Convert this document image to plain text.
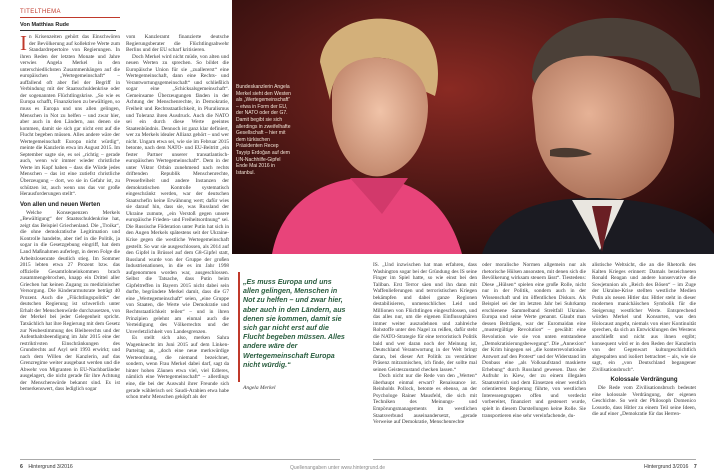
Bundeskanzlerin Angela Merkel sieht den Westen als „Wertegemeinschaft“ – etwa in Form der EU, der NATO oder der G7. Damit begibt sie sich allerdings in zweifelhafte Gesellschaft – hier mit dem türkischen Präsidenten Recep Tayyip Erdoğan auf dem UN-Nachhilfe-Gipfel Ende Mai 2016 in Istanbul.
TITELTHEMA
Von Matthias Rude

In Krisenzeiten gehört das Einschwören der Bevölkerung auf kollektive Werte zum Standardrepertoire von Regierungen. In ihren Reden der letzten Monate und Jahre verwies Angela Merkel in den unterschiedlichsten Zusammenhängen auf die europäischen „Wertegemeinschaft“ – auffallend oft aber fiel der Begriff in Verbindung mit der Staatsschuldenkrise oder der sogenannten Flüchtlingskrise. „So wie es Europa schafft, Finanzkrisen zu bewältigen, so muss es Europa und uns allen gelingen, Menschen in Not zu helfen – und zwar hier, aber auch in den Ländern, aus denen sie kommen, damit sie sich gar nicht erst auf die Flucht begeben müssen. Alles andere wäre der Wertegemeinschaft Europa nicht würdig“, meinte die Kanzlerin etwa im August 2015. Im September sagte sie, es sei „richtig – gerade auch, wenn wir immer wieder christliche Werte im Kopf haben – dass die Würde jedes Menschen – das ist eine zutiefst christliche Überzeugung – dort, wo sie in Gefahr ist, zu schützen ist, auch wenn uns das vor große Herausforderungen stellt“.

Von allen und neuen Werten

Welche Konsequenzen Merkels „Bewältigung“ der Staatsschuldenkrise hat, zeigt das Beispiel Griechenland. Die „Troika“, die ohne demokratische Legitimation und Kontrolle handelte, aber tief in die Politik, ja sogar in die Gesetzgebung eingriff, hat dem Land Maßnahmen auferlegt, in deren Folge die Arbeitslosenrate deutlich stieg. Im Sommer 2015 lebten etwa 27 Prozent bzw. das offizielle Gesamtlohneinkommen brach zusammengebrochen, knapp ein Drittel aller Griechen hat keinen Zugang zu medizinischer Versorgung. Die Kinderarmutsrate beträgt 40 Prozent. Auch die „Flüchtlingspolitik“ der deutschen Regierung ist schwerlich unter Erhalt der Menschenwürde durchzusetzen, von der Merkel bei jeder Gelegenheit spricht. Tatsächlich hat ihre Regierung mit dem Gesetz zur Neubestimmung des Bleiberechts und der Aufenthaltsbeendigung im Jahr 2015 eine der restriktivsten Einschränkungen des Grundrechts auf Asyl seit 1993 erwirkt; und nach dem Willen der Kanzlerin, auf das Grenzregime weiter ausgebaut werden und die Abwehr von Migranten in EU-Nachbarländer ausgelagert, die nicht gerade für ihre Achtung der Menschenwürde bekannt sind. Es ist bemerkenswert, dass lediglich sogar

vom Kanzleramt finanzierte deutsche Regierungsberater die Flüchtlingsabwehr Berlins und der EU scharf kritisieren.

Doch Merkel wird nicht müde, von alten und neuen Werten zu sprechen. So bildet die Europäische Union für sie „zuallererst“ eine Wertegemeinschaft, dann eine Rechts- und Verantwortungsgemeinschaft“ und schließlich sogar eine „Schicksalsgemeinschaft“. Gemeinsame Überzeugungen fänden in der Achtung der Menschenrechte, in Demokratie, Freiheit und Rechtsstaatlichkeit, in Pluralismus und Toleranz ihren Ausdruck. Auch die NATO sei ein durch diese Werte geeintes Staatenbündnis. Dennoch ist ganz klar definiert, wer zu Merkels idealer Allianz gehört – und wer nicht. Ungarn etwa sei, wie sie im Februar 2015 betonte, nach dem NATO- und EU-Beitritt „ein fester Partner unserer transatlantisch-europäischen Wertegemeinschaft“. Dem in der unter Viktor Orbán zunehmend nach rechts driftenden Republik Menschenrechte, Pressefreiheit und andere Instanzen der demokratischen Kontrolle systematisch eingeschränkt werden, war der deutschen Staatschefin keine Erwähnung wert; dafür wies sie darauf hin, dass sie, was Russland der Ukraine zumute, „ein Verstoß gegen unsere europäische Frieden- und Freiheitsordnung“ sei. Die Russische Föderation unter Putin hat sich in den Augen Merkels spätestens seit der Ukraine-Krise gegen die westliche Wertegemeinschaft gestellt. So war sie ausgeschlossen, als 2014 auf den Gipfel in Brüssel auf dem G8-Gipfel statt, Russland wurde von der Gruppe der großen Industrienationen, in die es im Jahr 1998 aufgenommen worden war, ausgeschlossen. Selbst die Tatsache, dass Putin beim Gipfeltreffen in Bayern 2015 nicht dabei sein durfte, begründete Merkel damit, dass die G7 eine „Wertegemeinschaft“ seien, „eine Gruppe von Staaten, die Werte wie Demokratie und Rechtsstaatlichkeit teilen“ – und in ihren Prinzipien gelehnt am einmal auch die Verteidigung des Völkerrechts und der Unverletzlichkeit von Landesgrenzen.

Es stellt sich also, merken Sahra Wagenknecht im Juni 2015 auf dem Linken-Parteitag an, „doch eine neue merkwürdige Werteordnung, die niemand bezeichnet, sondern, wenn Frau Merkel dabei darf, sagt da hinter hohen Zäunen etwa viel, viel Edleres, nämlich eine Wertegemeinschaft“ – allerdings eine, die bei der Auswahl ihrer Freunde sich gerade wählerisch sei: Saudi-Arabien etwa habe schon mehr Menschen geköpft als der

„Es muss Europa und uns allen gelingen, Menschen in Not zu helfen – und zwar hier, aber auch in den Ländern, aus denen sie kommen, damit sie sich gar nicht erst auf die Flucht begeben müssen. Alles andere wäre der Wertegemeinschaft Europa nicht würdig.“
Angela Merkel

IS. „Und inzwischen hat man erfahren, dass Washington sogar bei der Gründung des IS seine Finger im Spiel hatte, so wie einst bei den Taliban. Erst Terror säen und ihn dann mit Waffenlieferungen und terroristischen Kriegen bekämpfen und dabei ganze Regionen destabilisieren, unmenschliches Leid und Millionen von Flüchtlingen eingeschlossen, und das alles nur, um die eigenen Einflusssphären immer weiter auszudehnen und zahlreiche Rohstoffe unter den Nagel zu reißen, dafür steht die NATO-Strategie für eine terroristisch Politik bald und wer daran noch der Meinung ist, Deutschland Verantwortung in der Welt bringt daran, bei dieser Art Politik zu verstärkter Präsenz mitzumischen, ich finde, der sollte mal seinen Geisteszustand checken lassen.“

Doch nicht nur die Rede von den „Werten“ überhaupt einmal erwart? Renaissance ist. Reinholds Pollock, betonte es ebenso, an der Psychologe Rainer Mausfeld, die sich mit Techniken des Meinungs- und Empörungsmanagements im westlichen Staatsverbund auseinandersetzt, „gerade Verweise auf Demokratie, Menschenrechte

oder moralische Normen allgemein nur als rhetorische Hülsen ansonsten, mit denen sich die Bevölkerung wirksam steuern lässt“. Tiestedens: Diese „Hülsen“ spielen eine große Rolle, nicht nur in der Politik, sondern auch in der Wissenschaft und im öffentlichen Diskurs. Als Beispiel sei der im letzten Jahr bei Suhrkamp erschienene Sammelband Streitfall Ukraine. Europa und seine Werte genannt. Glaubt man dessen Beiträgen, war der Euromaidan eine „mustergültige Revolution“ – gewählt: eine Revolution wie sie von unten entstandene „Demokratisierungsbewegung“. Die „Annexion“ der Krim hingegen sei „die konterrevolutionäre Antwort auf den Protest“ und der Widerstand im Donbass eine „als Volksaufstand maskierte Erhebung“ durch Russland gewesen. Dass der Aufruhr in Kiew, der zu einem illegalen Staatsstreich und dem Einsetzen einer westlich orientierten Regierung führte, von westlichen Interessengruppen offen und verdeckt vorbereitet, finanziert und gesteuert wurde, spielt in diesem Darstellungen keine Rolle. Sie transportieren eine sehr vereinfachende, du-

alistische Weltsicht, die an die Rhetorik des Kalten Krieges erinnert: Damals bezeichneten Ronald Reagan und andere konservative die Sowjetunion als „Reich des Bösen“ – im Zuge der Ukraine-Krise stellten westliche Medien Putin als neuen Hitler dar. Hitler steht in dieser modernen manichäischen Symbolik für die Steigerung westlicher Werte. Entsprechend würden Merkel und Konsorten, was den Holocaust angeht, niemals von einer Kontinuität sprechen, da sich an Entwicklungen des Westens anschließt und nicht aus ihnen ergibt; konsequent wird er in den Reden der Kanzlerin von der Gegenwart kulturgeschichtlich abgespalten und isoliert betrachtet – als, wie sie sagt, ein „von Deutschland begangener Zivilisationsbruch“.

Kolossale Verdrängung

Die Rede vom Zivilisationsbruch bedeutet eine kolossale Verdrängung, der eigenen Geschichte. So weit der Philosoph Domenico Losurdo, dass Hitler zu einem Teil seine Ideen, die auf einer „Demokratie für das Herren-

6 Hintergrund 3/2016	Quellenangaben unter www.hintergrund.de	Hintergrund 3/2016 7
